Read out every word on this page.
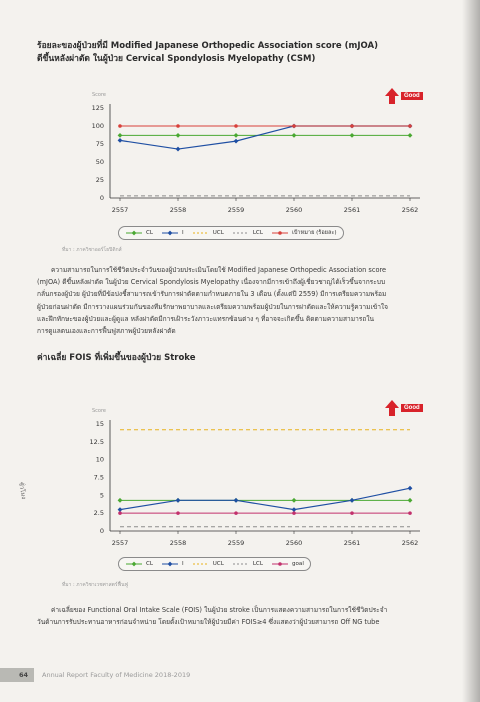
ร้อยละของผู้ป่วยที่มี Modified Japanese Orthopedic Association score (mJOA)
ดีขึ้นหลังผ่าตัด ในผู้ป่วย Cervical Spondylosis Myelopathy (CSM)
Score
125
100
75
50
25
0
2557	2558	2559	2560	2561	2562
Good
CL	I	UCL	LCL	เป้าหมาย (ร้อยละ)
ที่มา : ภาควิชาออร์โธปิดิกส์

ความสามารถในการใช้ชีวิตประจำวันของผู้ป่วยประเมินโดยใช้ Modified Japanese Orthopedic Association score

(mJOA) ดีขึ้นหลังผ่าตัด ในผู้ป่วย Cervical Spondylosis Myelopathy เนื่องจากมีการเข้าถึงผู้เชี่ยวชาญได้เร็วขึ้นจากระบบ

กลั่นกรองผู้ป่วย ผู้ป่วยที่มีข้อบ่งชี้สามารถเข้ารับการผ่าตัดตามกำหนดภายใน 3 เดือน (ตั้งแต่ปี 2559) มีการเตรียมความพร้อม

ผู้ป่วยก่อนผ่าตัด มีการวางแผนร่วมกันของทีมรักษาพยาบาลและเตรียมความพร้อมผู้ป่วยในการผ่าตัดและให้ความรู้ความเข้าใจ

และฝึกทักษะของผู้ป่วยและผู้ดูแล หลังผ่าตัดมีการเฝ้าระวังภาวะแทรกซ้อนต่าง ๆ ที่อาจจะเกิดขึ้น ติดตามความสามารถใน

การดูแลตนเองและการฟื้นฟูสภาพผู้ป่วยหลังผ่าตัด

ค่าเฉลี่ย FOIS ที่เพิ่มขึ้นของผู้ป่วย Stroke
Score
15
12.5
10
7.5
5
2.5
0
2557	2558	2559	2560	2561	2562
Good
CL	I	UCL	LCL	goal
ที่มา : ภาควิชาเวชศาสตร์ฟื้นฟู

ค่าเฉลี่ยของ Functional Oral Intake Scale (FOIS) ในผู้ป่วย stroke เป็นการแสดงความสามารถในการใช้ชีวิตประจำ

วันด้านการรับประทานอาหารก่อนจำหน่าย โดยตั้งเป้าหมายให้ผู้ป่วยมีค่า FOIS≥4 ซึ่งแสดงว่าผู้ป่วยสามารถ Off NG tube

ชั่วโมง
64	Annual Report Faculty of Medicine 2018-2019
